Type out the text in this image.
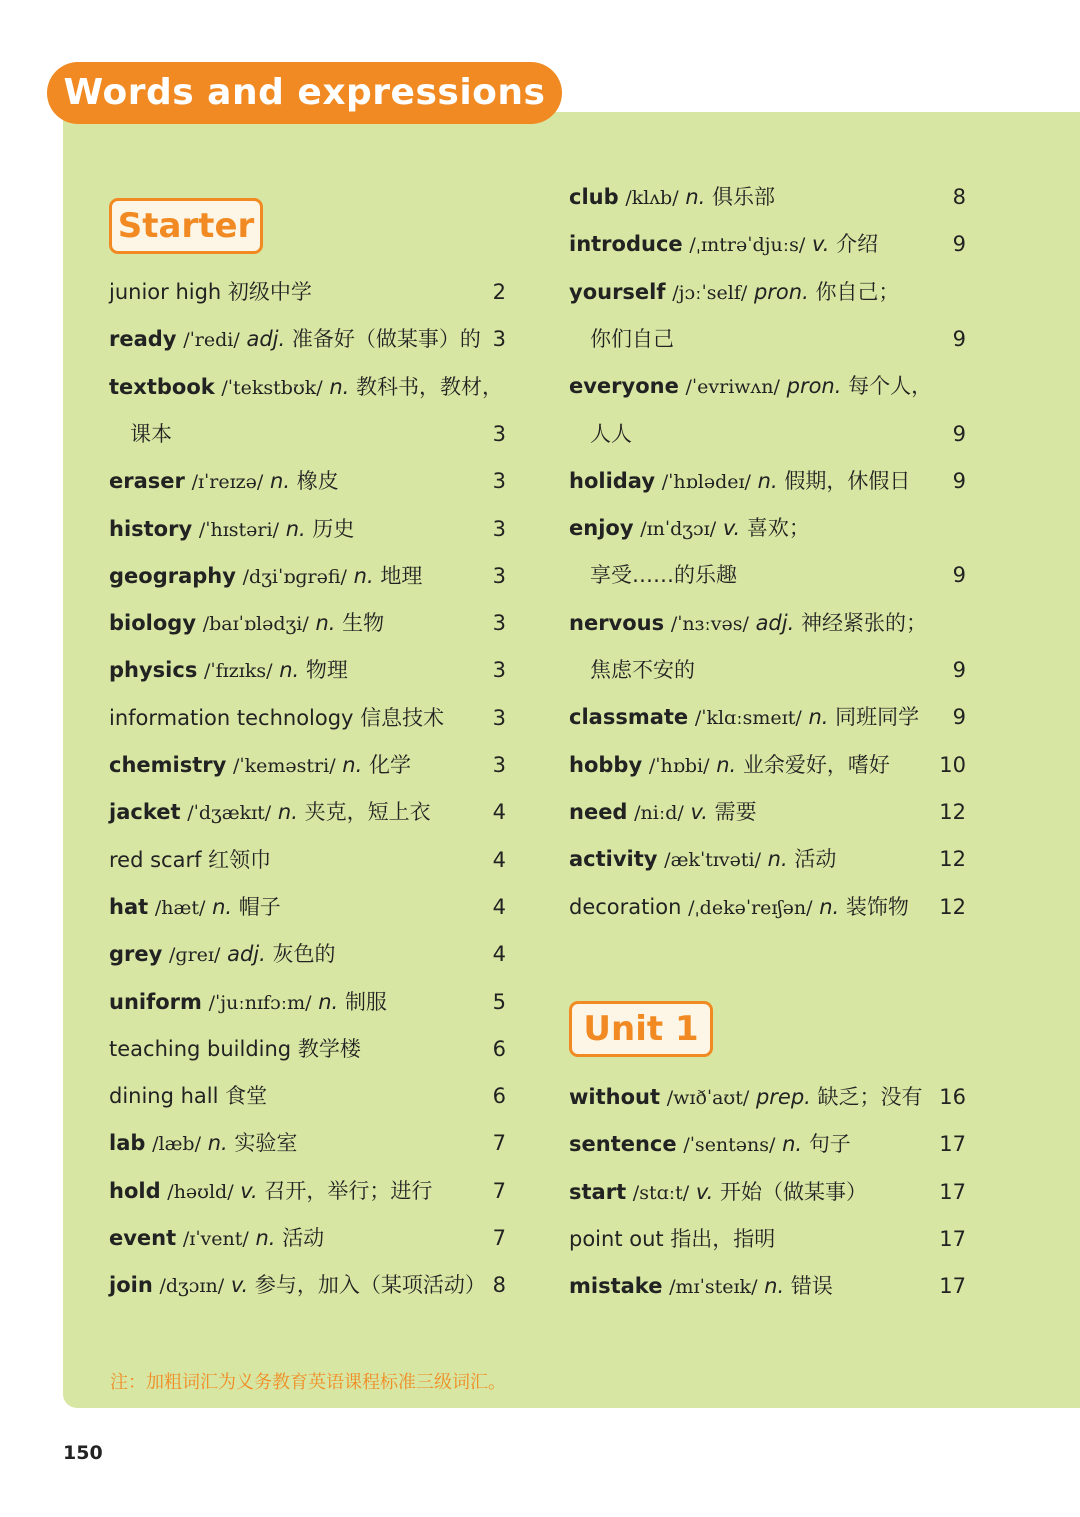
Words and expressions
Starter
Unit 1
junior high 初级中学	2
ready /ˈredi/ adj. 准备好（做某事）的 3
textbook /ˈtekstbʊk/ n. 教科书，教材，
课本	3
eraser /ɪˈreɪzə/ n. 橡皮	3
history /ˈhɪstəri/ n. 历史	3
geography /dʒiˈɒɡrəfi/ n. 地理	3
biology /baɪˈɒlədʒi/ n. 生物	3
physics /ˈfɪzɪks/ n. 物理	3
information technology 信息技术	3
chemistry /ˈkeməstri/ n. 化学	3
jacket /ˈdʒækɪt/ n. 夹克，短上衣	4
red scarf 红领巾	4
hat /hæt/ n. 帽子	4
grey /ɡreɪ/ adj. 灰色的	4
uniform /ˈjuːnɪfɔːm/ n. 制服	5
teaching building 教学楼	6
dining hall 食堂	6
lab /læb/ n. 实验室	7
hold /həʊld/ v. 召开，举行；进行	7
event /ɪˈvent/ n. 活动	7
join /dʒɔɪn/ v. 参与，加入（某项活动） 8
club /klʌb/ n. 俱乐部	8
introduce /ˌɪntrəˈdjuːs/ v. 介绍	9
yourself /jɔːˈself/ pron. 你自己；
你们自己	9
everyone /ˈevriwʌn/ pron. 每个人，
人人	9
holiday /ˈhɒlədeɪ/ n. 假期，休假日	9
enjoy /ɪnˈdʒɔɪ/ v. 喜欢；
享受……的乐趣	9
nervous /ˈnɜːvəs/ adj. 神经紧张的；
焦虑不安的	9
classmate /ˈklɑːsmeɪt/ n. 同班同学	9
hobby /ˈhɒbi/ n. 业余爱好，嗜好	10
need /niːd/ v. 需要	12
activity /ækˈtɪvəti/ n. 活动	12
decoration /ˌdekəˈreɪʃən/ n. 装饰物	12
without /wɪðˈaʊt/ prep. 缺乏；没有 16
sentence /ˈsentəns/ n. 句子	17
start /stɑːt/ v. 开始（做某事）	17
point out 指出，指明	17
mistake /mɪˈsteɪk/ n. 错误	17
注：加粗词汇为义务教育英语课程标准三级词汇。
150
